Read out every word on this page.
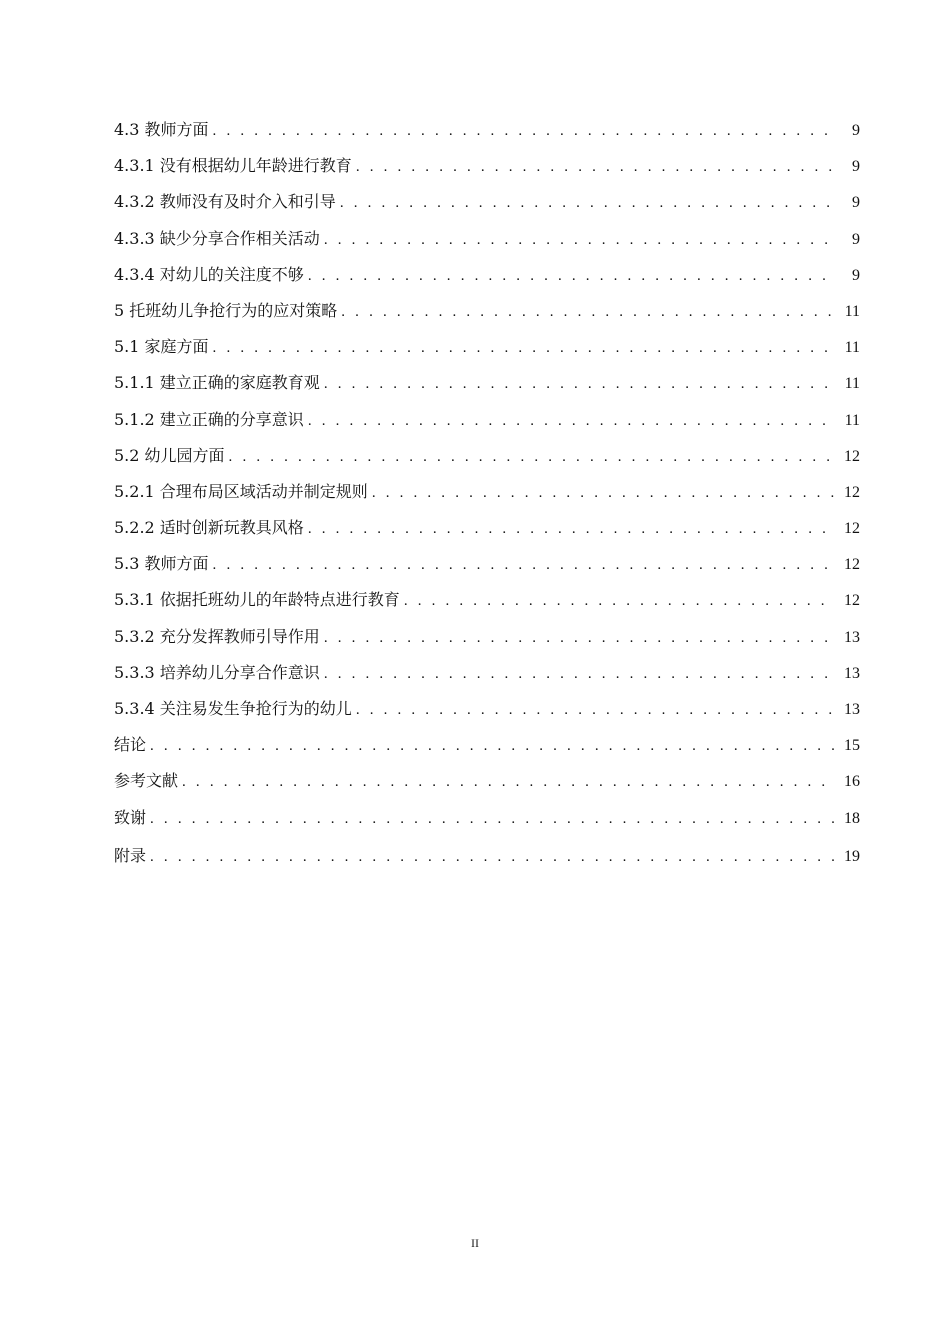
4.3 教师方面 . . .	9
4.3.1 没有根据幼儿年龄进行教育 . . .	9
4.3.2 教师没有及时介入和引导 . . .	9
4.3.3 缺少分享合作相关活动 . . .	9
4.3.4 对幼儿的关注度不够 . . .	9
5 托班幼儿争抢行为的应对策略 . . .	11
5.1 家庭方面 . . .	11
5.1.1 建立正确的家庭教育观 . . .	11
5.1.2 建立正确的分享意识 . . .	11
5.2 幼儿园方面 . . .	12
5.2.1 合理布局区域活动并制定规则 . . .	12
5.2.2 适时创新玩教具风格 . . .	12
5.3 教师方面 . . .	12
5.3.1 依据托班幼儿的年龄特点进行教育 . . .	12
5.3.2 充分发挥教师引导作用 . . .	13
5.3.3 培养幼儿分享合作意识 . . .	13
5.3.4 关注易发生争抢行为的幼儿 . . .	13
结论 . . .	15
参考文献 . . .	16
致谢 . . .	18
附录 . . .	19
II
